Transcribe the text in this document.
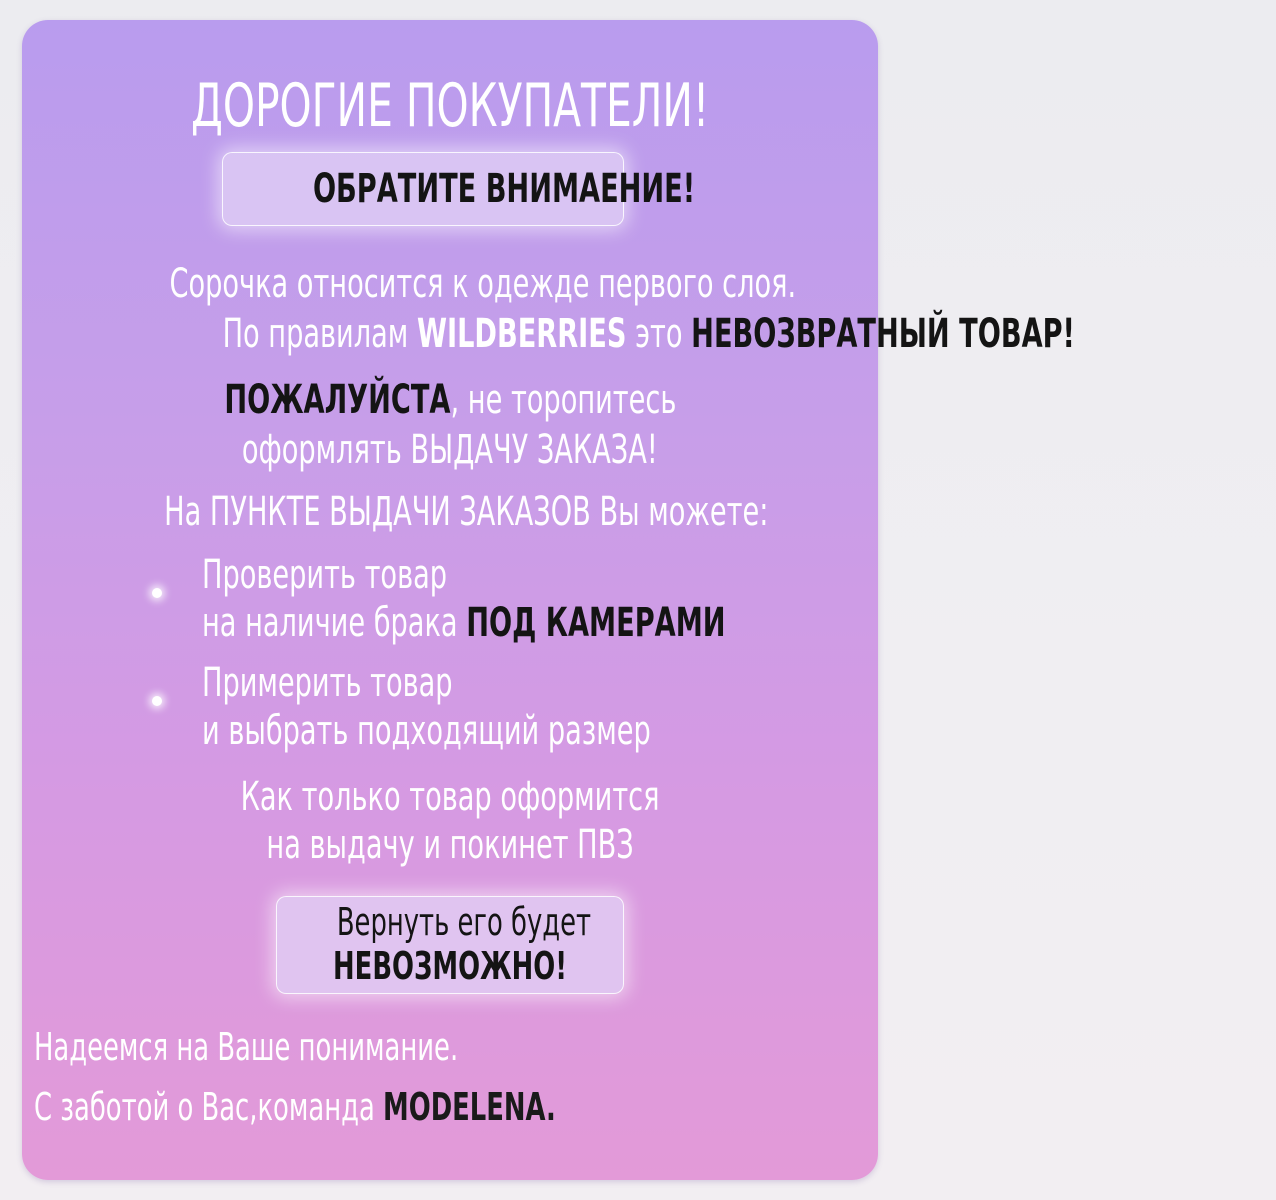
ДОРОГИЕ ПОКУПАТЕЛИ!
ОБРАТИТЕ ВНИМАЕНИЕ!
Сорочка относится к одежде первого слоя.
По правилам WILDBERRIES это НЕВОЗВРАТНЫЙ ТОВАР!
ПОЖАЛУЙСТА, не торопитесь
оформлять ВЫДАЧУ ЗАКАЗА!
На ПУНКТЕ ВЫДАЧИ ЗАКАЗОВ Вы можете:
Проверить товар
на наличие брака ПОД КАМЕРАМИ
Примерить товар
и выбрать подходящий размер
Как только товар оформится
на выдачу и покинет ПВЗ
Вернуть его будет
НЕВОЗМОЖНО!
Надеемся на Ваше понимание.
С заботой о Вас,команда MODELENA.
